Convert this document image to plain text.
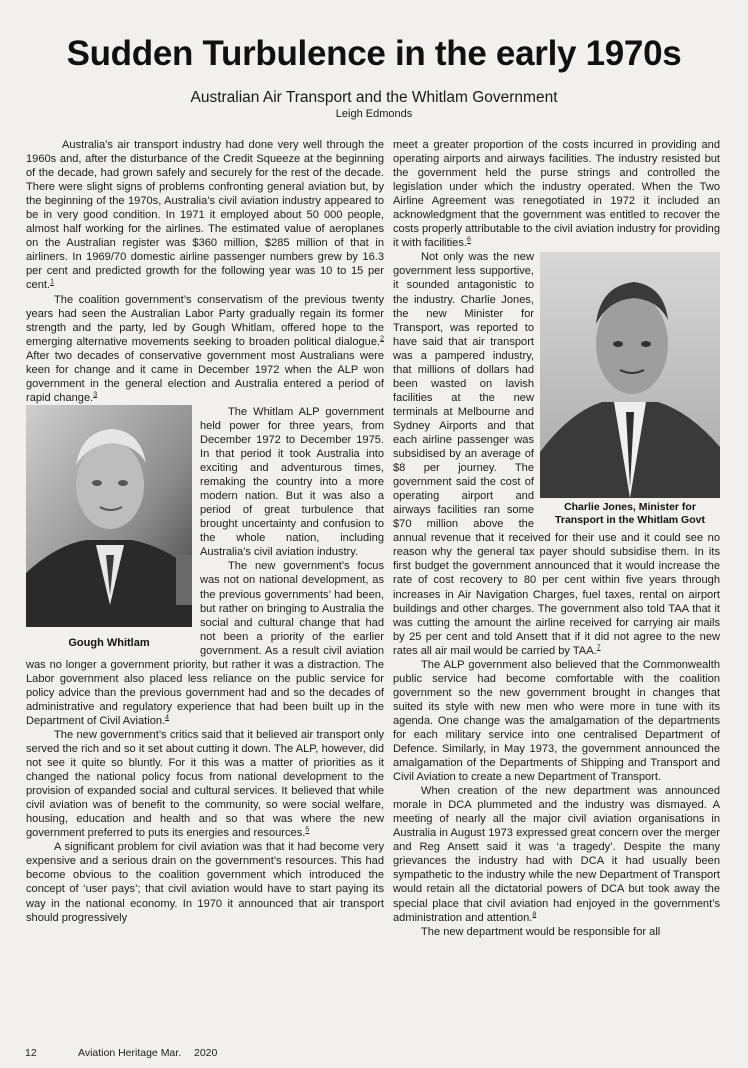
Sudden Turbulence in the early 1970s
Australian Air Transport and the Whitlam Government
Leigh Edmonds

Australia’s air transport industry had done very well through the 1960s and, after the disturbance of the Credit Squeeze at the beginning of the decade, had grown safely and securely for the rest of the decade. There were slight signs of problems confronting general aviation but, by the beginning of the 1970s, Australia’s civil aviation industry appeared to be in very good condition. In 1971 it employed about 50 000 people, almost half working for the airlines. The estimated value of aeroplanes on the Australian register was $360 million, $285 million of that in airliners. In 1969/70 domestic airline passenger numbers grew by 16.3 per cent and predicted growth for the following year was 10 to 15 per cent.$^1$

The coalition government’s conservatism of the previous twenty years had seen the Australian Labor Party gradually regain its former strength and the party, led by Gough Whitlam, offered hope to the emerging alternative movements seeking to broaden political dialogue.$^2$ After two decades of conservative government most Australians were keen for change and it came in December 1972 when the ALP won government in the general election and Australia entered a period of rapid change.$^3$

Gough Whitlam

The Whitlam ALP government held power for three years, from December 1972 to December 1975. In that period it took Australia into exciting and adventurous times, remaking the country into a more modern nation. But it was also a period of great turbulence that brought uncertainty and confusion to the whole nation, including Australia’s civil aviation industry.

The new government’s focus was not on national development, as the previous governments’ had been, but rather on bringing to Australia the social and cultural change that had not been a priority of the earlier government. As a result civil aviation was no longer a government priority, but rather it was a distraction. The Labor government also placed less reliance on the public service for policy advice than the previous government had and so the decades of administrative and regulatory experience that had been built up in the Department of Civil Aviation.$^4$

The new government’s critics said that it believed air transport only served the rich and so it set about cutting it down. The ALP, however, did not see it quite so bluntly. For it this was a matter of priorities as it changed the national policy focus from national development to the provision of expanded social and cultural services. It believed that while civil aviation was of benefit to the community, so were social welfare, housing, education and health and so that was where the new government preferred to puts its energies and resources.$^5$

A significant problem for civil aviation was that it had become very expensive and a serious drain on the government’s resources. This had become obvious to the coalition government which introduced the concept of ‘user pays’; that civil aviation would have to start paying its way in the national economy. In 1970 it announced that air transport should progressively

meet a greater proportion of the costs incurred in providing and operating airports and airways facilities. The industry resisted but the government held the purse strings and controlled the legislation under which the industry operated. When the Two Airline Agreement was renegotiated in 1972 it included an acknowledgment that the government was entitled to recover the costs properly attributable to the civil aviation industry for providing it with facilities.$^6$

Charlie Jones, Minister for Transport in the Whitlam Govt

Not only was the new government less supportive, it sounded antagonistic to the industry. Charlie Jones, the new Minister for Transport, was reported to have said that air transport was a pampered industry, that millions of dollars had been wasted on lavish facilities at the new terminals at Melbourne and Sydney Airports and that each airline passenger was subsidised by an average of $8 per journey. The government said the cost of operating airport and airways facilities ran some $70 million above the annual revenue that it received for their use and it could see no reason why the general tax payer should subsidise them. In its first budget the government announced that it would increase the rate of cost recovery to 80 per cent within five years through increases in Air Navigation Charges, fuel taxes, rental on airport buildings and other charges. The government also told TAA that it was cutting the amount the airline received for carrying air mails by 25 per cent and told Ansett that if it did not agree to the new rates all air mail would be carried by TAA.$^7$

The ALP government also believed that the Commonwealth public service had become comfortable with the coalition government so the new government brought in changes that suited its style with new men who were more in tune with its agenda. One change was the amalgamation of the departments for each military service into one centralised Department of Defence. Similarly, in May 1973, the government announced the amalgamation of the Departments of Shipping and Transport and Civil Aviation to create a new Department of Transport.

When creation of the new department was announced morale in DCA plummeted and the industry was dismayed. A meeting of nearly all the major civil aviation organisations in Australia in August 1973 expressed great concern over the merger and Reg Ansett said it was ‘a tragedy’. Despite the many grievances the industry had with DCA it had usually been sympathetic to the industry while the new Department of Transport would retain all the dictatorial powers of DCA but took away the special place that civil aviation had enjoyed in the government’s administration and attention.$^8$

The new department would be responsible for all

12	Aviation Heritage Mar. 2020
